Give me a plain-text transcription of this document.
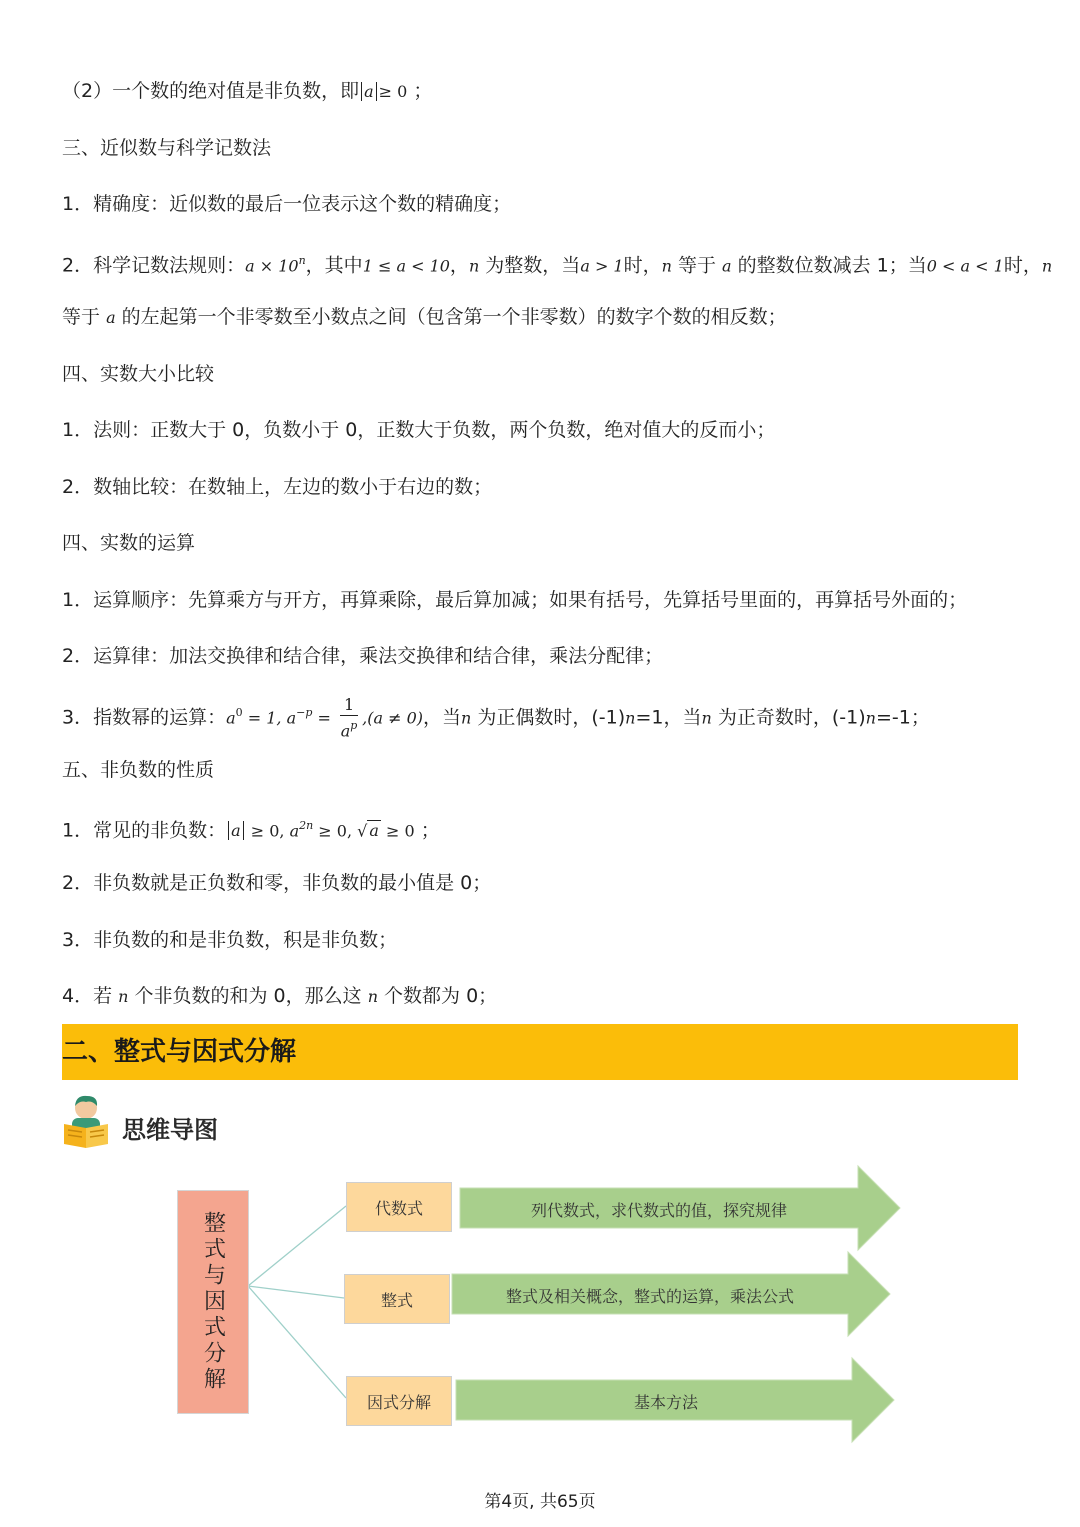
（2）一个数的绝对值是非负数，即 a ≥ 0 ；
三、近似数与科学记数法
1．精确度：近似数的最后一位表示这个数的精确度；
2．科学记数法规则：$a \times 10^n$，其中1 ≤ a < 10，n 为整数，当a > 1时，n 等于 a 的整数位数减去 1；当0 < a < 1时，n
等于 a 的左起第一个非零数至小数点之间（包含第一个非零数）的数字个数的相反数；
四、实数大小比较
1．法则：正数大于 0，负数小于 0，正数大于负数，两个负数，绝对值大的反而小；
2．数轴比较：在数轴上，左边的数小于右边的数；
四、实数的运算
1．运算顺序：先算乘方与开方，再算乘除，最后算加减；如果有括号，先算括号里面的，再算括号外面的；
2．运算律：加法交换律和结合律，乘法交换律和结合律，乘法分配律；
3．指数幂的运算：$a^0 = 1$, $a^{-p} = \frac{1}{a^p} ,(a \ne 0)$，当n 为正偶数时，(-1)n=1，当n 为正奇数时，(-1)n=-1；
五、非负数的性质
1．常见的非负数： a ≥ 0, $a^{2n} \ge 0$, √ a ≥ 0 ；
2．非负数就是正负数和零，非负数的最小值是 0；
3．非负数的和是非负数，积是非负数；
4．若 n 个非负数的和为 0，那么这 n 个数都为 0；
二、整式与因式分解
思维导图
整式与因式分解
代数式
整式
因式分解
列代数式，求代数式的值，探究规律
整式及相关概念，整式的运算，乘法公式
基本方法
第4页, 共65页
